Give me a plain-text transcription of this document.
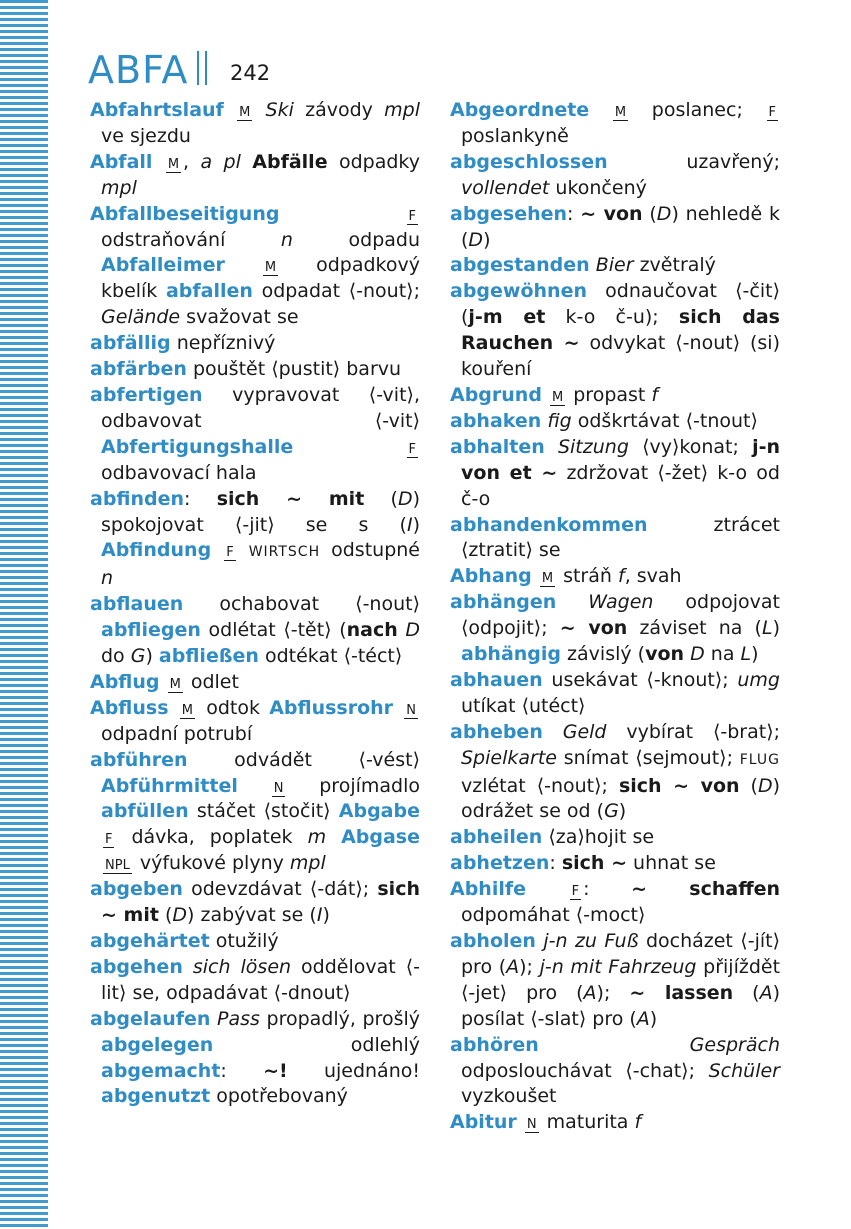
ABFA 242
Abfahrtslauf M Ski závody mpl ve sjezdu
Abfall M , a pl Abfälle odpadky mpl
Abfallbeseitigung	F odstraňování n odpadu Abfalleimer	M odpadkový kbelík abfallen odpadat ⟨-nout⟩; Gelände svažovat se
abfällig nepříznivý
abfärben pouštět ⟨pustit⟩ barvu
abfertigen vypravovat ⟨-vit⟩, odbavovat ⟨-vit⟩ Abfertigungshalle	F odbavovací hala
abfinden: sich ~ mit (D) spokojovat ⟨-jit⟩ se s (I) Abfindung F WIRTSCH odstupné n
abflauen ochabovat ⟨-nout⟩ abfliegen odlétat ⟨-tět⟩ (nach D do G) abfließen odtékat ⟨-téct⟩
Abflug M odlet
Abfluss M odtok Abflussrohr N odpadní potrubí
abführen odvádět ⟨-vést⟩ Abführmittel	N projímadlo abfüllen stáčet ⟨stočit⟩ Abgabe F dávka, poplatek m Abgase NPL výfukové plyny mpl
abgeben odevzdávat ⟨-dát⟩; sich ~ mit (D) zabývat se (I)
abgehärtet otužilý
abgehen sich lösen oddělovat ⟨-lit⟩ se, odpadávat ⟨-dnout⟩
abgelaufen Pass propadlý, prošlý abgelegen odlehlý abgemacht: ~! ujednáno! abgenutzt opotřebovaný
Abgeordnete M poslanec; F poslankyně
abgeschlossen uzavřený; vollendet ukončený
abgesehen: ~ von (D) nehledě k (D)
abgestanden Bier zvětralý
abgewöhnen odnaučovat ⟨-čit⟩ (j-m et k-o č-u); sich das Rauchen ~ odvykat ⟨-nout⟩ (si) kouření
Abgrund M propast f
abhaken fig odškrtávat ⟨-tnout⟩
abhalten Sitzung ⟨vy⟩konat; j-n von et ~ zdržovat ⟨-žet⟩ k-o od č-o
abhandenkommen ztrácet ⟨ztratit⟩ se
Abhang M stráň f, svah
abhängen Wagen odpojovat ⟨odpojit⟩; ~ von záviset na (L) abhängig závislý (von D na L)
abhauen usekávat ⟨-knout⟩; umg utíkat ⟨utéct⟩
abheben Geld vybírat ⟨-brat⟩; Spielkarte snímat ⟨sejmout⟩; FLUG vzlétat ⟨-nout⟩; sich ~ von (D) odrážet se od (G)
abheilen ⟨za⟩hojit se
abhetzen: sich ~ uhnat se
Abhilfe	F : ~ schaffen odpomáhat ⟨-moct⟩
abholen j-n zu Fuß docházet ⟨-jít⟩ pro (A); j-n mit Fahrzeug přijíždět ⟨-jet⟩ pro (A); ~ lassen (A) posílat ⟨-slat⟩ pro (A)
abhören	Gespräch odposlouchávat ⟨-chat⟩; Schüler vyzkoušet
Abitur N maturita f
